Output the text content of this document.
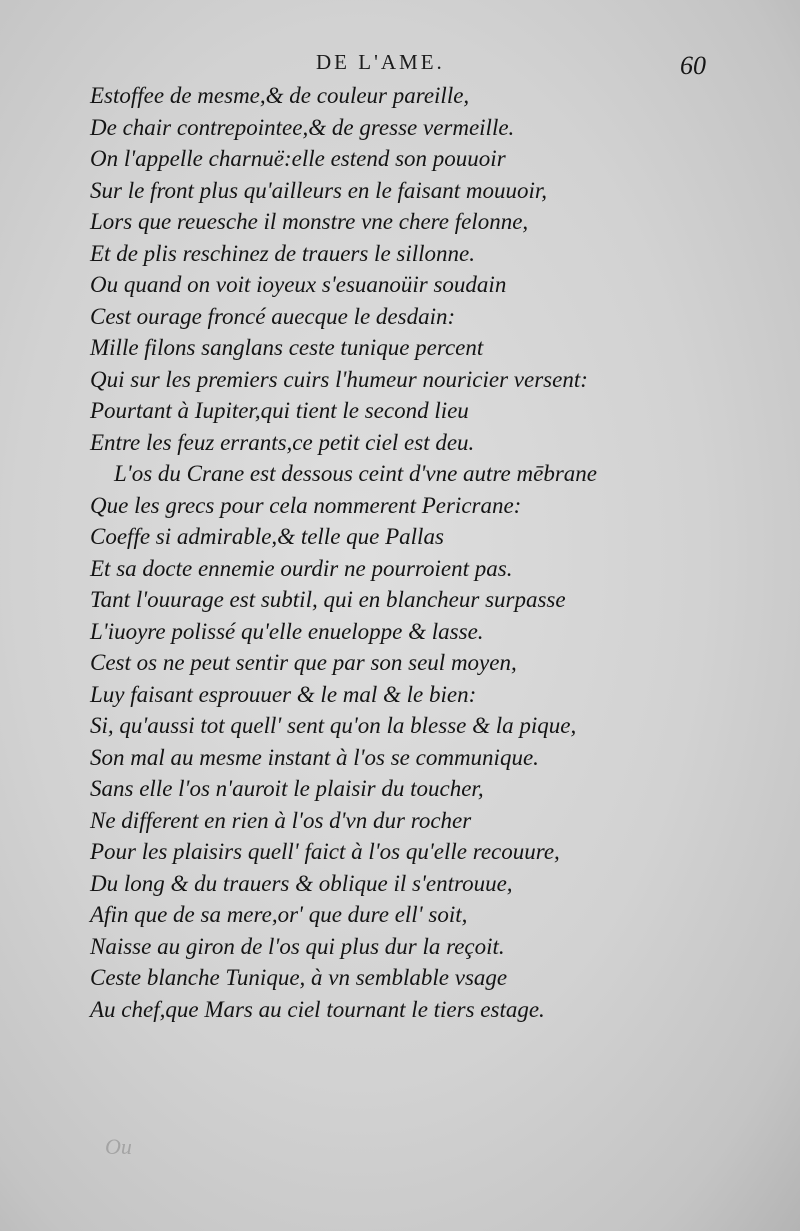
DE L'AME.	60
Estoffee de mesme,& de couleur pareille,
De chair contrepointee,& de gresse vermeille.
On l'appelle charnuë:elle estend son pouuoir
Sur le front plus qu'ailleurs en le faisant mouuoir,
Lors que reuesche il monstre vne chere felonne,
Et de plis reschinez de trauers le sillonne.
Ou quand on voit ioyeux s'esuanoüir soudain
Cest ourage froncé auecque le desdain:
Mille filons sanglans ceste tunique percent
Qui sur les premiers cuirs l'humeur nouricier versent:
Pourtant à Iupiter,qui tient le second lieu
Entre les feuz errants,ce petit ciel est deu.
L'os du Crane est dessous ceint d'vne autre mēbrane
Que les grecs pour cela nommerent Pericrane:
Coeffe si admirable,& telle que Pallas
Et sa docte ennemie ourdir ne pourroient pas.
Tant l'ouurage est subtil, qui en blancheur surpasse
L'iuoyre polissé qu'elle enueloppe & lasse.
Cest os ne peut sentir que par son seul moyen,
Luy faisant esprouuer & le mal & le bien:
Si, qu'aussi tot quell' sent qu'on la blesse & la pique,
Son mal au mesme instant à l'os se communique.
Sans elle l'os n'auroit le plaisir du toucher,
Ne different en rien à l'os d'vn dur rocher
Pour les plaisirs quell' faict à l'os qu'elle recouure,
Du long & du trauers & oblique il s'entrouue,
Afin que de sa mere,or' que dure ell' soit,
Naisse au giron de l'os qui plus dur la reçoit.
Ceste blanche Tunique, à vn semblable vsage
Au chef,que Mars au ciel tournant le tiers estage.
Ou
